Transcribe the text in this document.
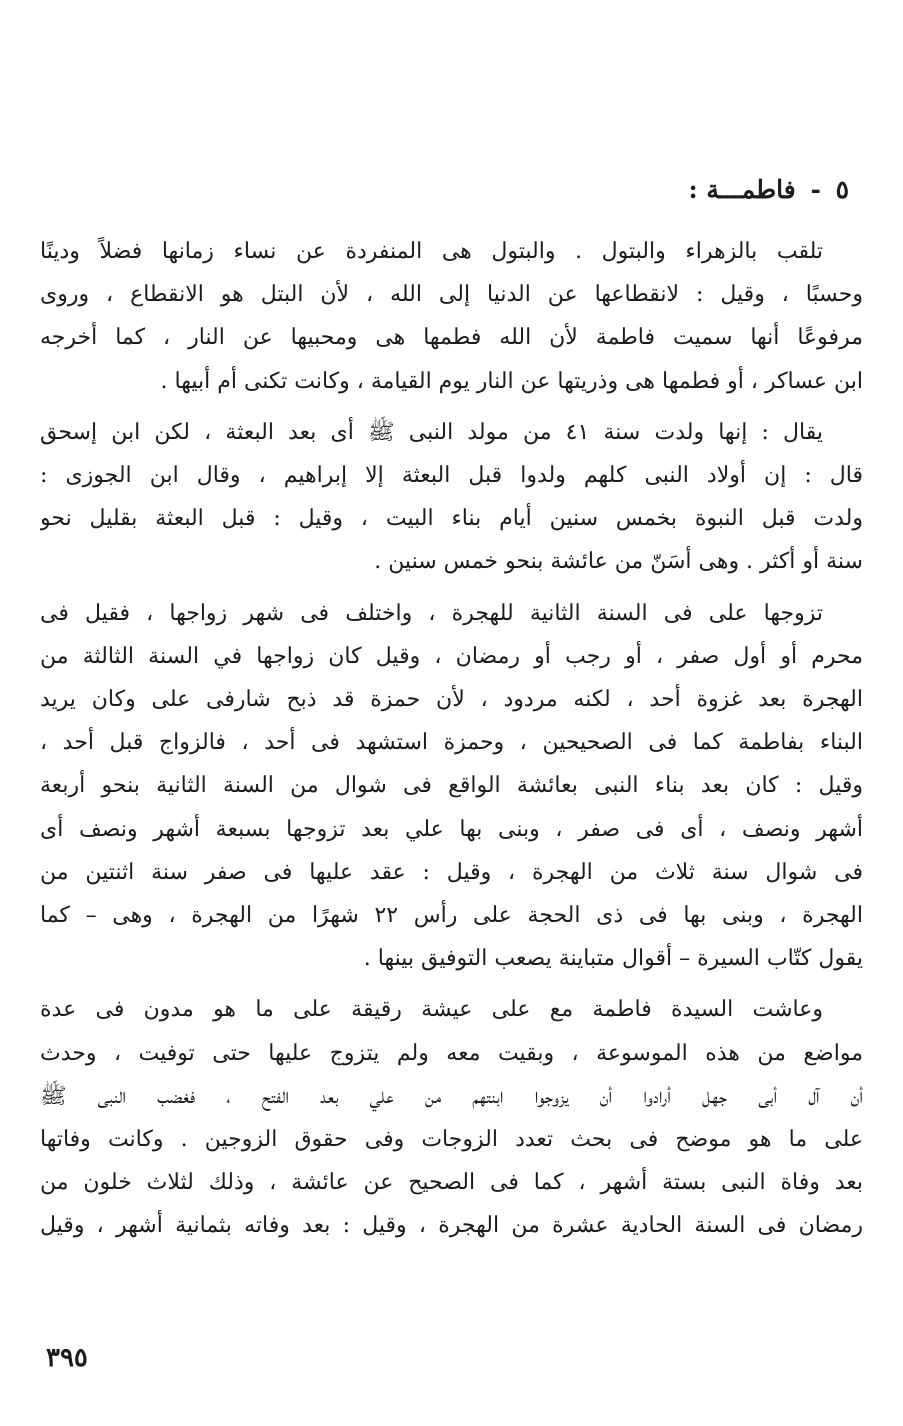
٥ - فاطمـــة :
تلقب بالزهراء والبتول . والبتول هى المنفردة عن نساء زمانها فضلاً ودينًا
وحسبًا ، وقيل : لانقطاعها عن الدنيا إلى الله ، لأن البتل هو الانقطاع ، وروى
مرفوعًا أنها سميت فاطمة لأن الله فطمها هى ومحبيها عن النار ، كما أخرجه
ابن عساكر ، أو فطمها هى وذريتها عن النار يوم القيامة ، وكانت تكنى أم أبيها .
يقال : إنها ولدت سنة ٤١ من مولد النبى ﷺ أى بعد البعثة ، لكن ابن إسحق
قال : إن أولاد النبى كلهم ولدوا قبل البعثة إلا إبراهيم ، وقال ابن الجوزى :
ولدت قبل النبوة بخمس سنين أيام بناء البيت ، وقيل : قبل البعثة بقليل نحو
سنة أو أكثر . وهى أسَنّ من عائشة بنحو خمس سنين .
تزوجها على فى السنة الثانية للهجرة ، واختلف فى شهر زواجها ، فقيل فى
محرم أو أول صفر ، أو رجب أو رمضان ، وقيل كان زواجها في السنة الثالثة من
الهجرة بعد غزوة أحد ، لكنه مردود ، لأن حمزة قد ذبح شارفى على وكان يريد
البناء بفاطمة كما فى الصحيحين ، وحمزة استشهد فى أحد ، فالزواج قبل أحد ،
وقيل : كان بعد بناء النبى بعائشة الواقع فى شوال من السنة الثانية بنحو أربعة
أشهر ونصف ، أى فى صفر ، وبنى بها علي بعد تزوجها بسبعة أشهر ونصف أى
فى شوال سنة ثلاث من الهجرة ، وقيل : عقد عليها فى صفر سنة اثنتين من
الهجرة ، وبنى بها فى ذى الحجة على رأس ٢٢ شهرًا من الهجرة ، وهى – كما
يقول كتّاب السيرة – أقوال متباينة يصعب التوفيق بينها .
وعاشت السيدة فاطمة مع على عيشة رقيقة على ما هو مدون فى عدة
مواضع من هذه الموسوعة ، وبقيت معه ولم يتزوج عليها حتى توفيت ، وحدث
أن آل أبى جهل أرادوا أن يزوجوا ابنتهم من علي بعد الفتح ، فغضب النبى ﷺ
على ما هو موضح فى بحث تعدد الزوجات وفى حقوق الزوجين . وكانت وفاتها
بعد وفاة النبى بستة أشهر ، كما فى الصحيح عن عائشة ، وذلك لثلاث خلون من
رمضان فى السنة الحادية عشرة من الهجرة ، وقيل : بعد وفاته بثمانية أشهر ، وقيل
٣٩٥
